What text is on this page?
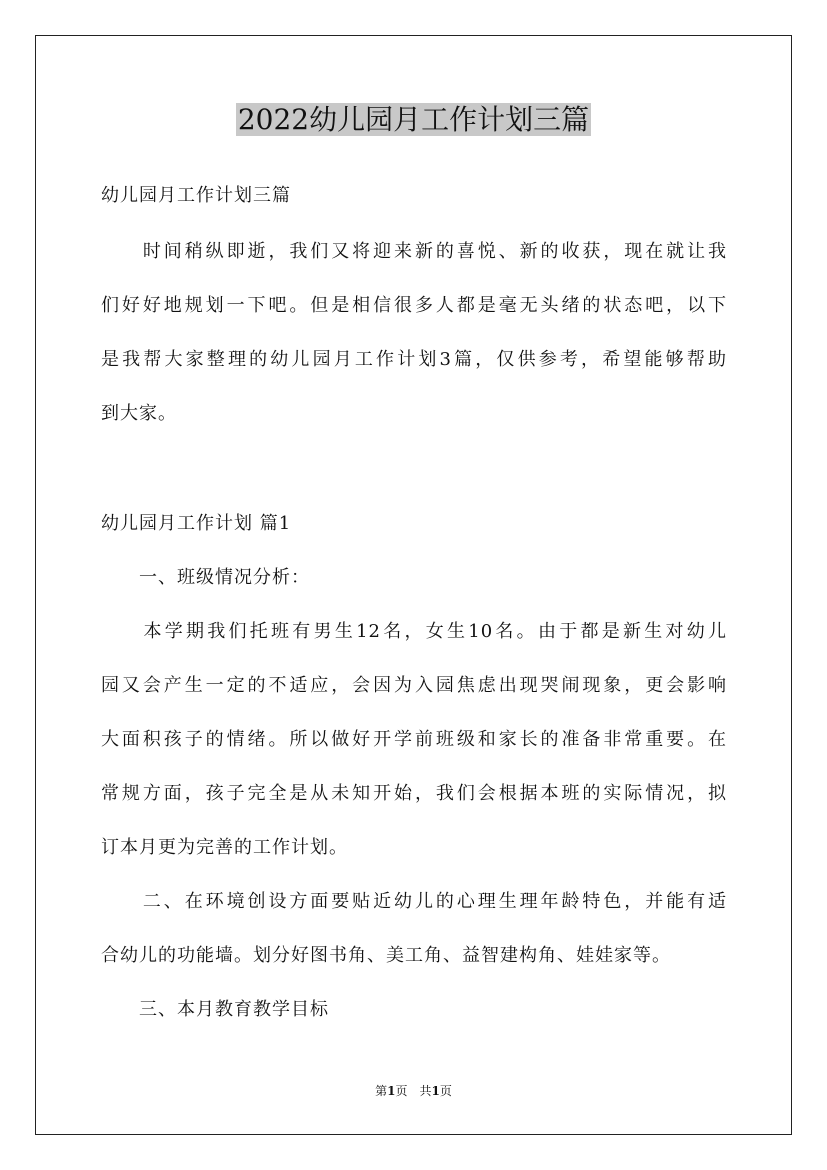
2022幼儿园月工作计划三篇
幼儿园月工作计划三篇
　　时间稍纵即逝，我们又将迎来新的喜悦、新的收获，现在就让我
们好好地规划一下吧。但是相信很多人都是毫无头绪的状态吧，以下
是我帮大家整理的幼儿园月工作计划3篇，仅供参考，希望能够帮助
到大家。
幼儿园月工作计划 篇1
　　一、班级情况分析：
　　本学期我们托班有男生12名，女生10名。由于都是新生对幼儿
园又会产生一定的不适应，会因为入园焦虑出现哭闹现象，更会影响
大面积孩子的情绪。所以做好开学前班级和家长的准备非常重要。在
常规方面，孩子完全是从未知开始，我们会根据本班的实际情况，拟
订本月更为完善的工作计划。
　　二、在环境创设方面要贴近幼儿的心理生理年龄特色，并能有适
合幼儿的功能墙。划分好图书角、美工角、益智建构角、娃娃家等。
　　三、本月教育教学目标
第1页　共1页
